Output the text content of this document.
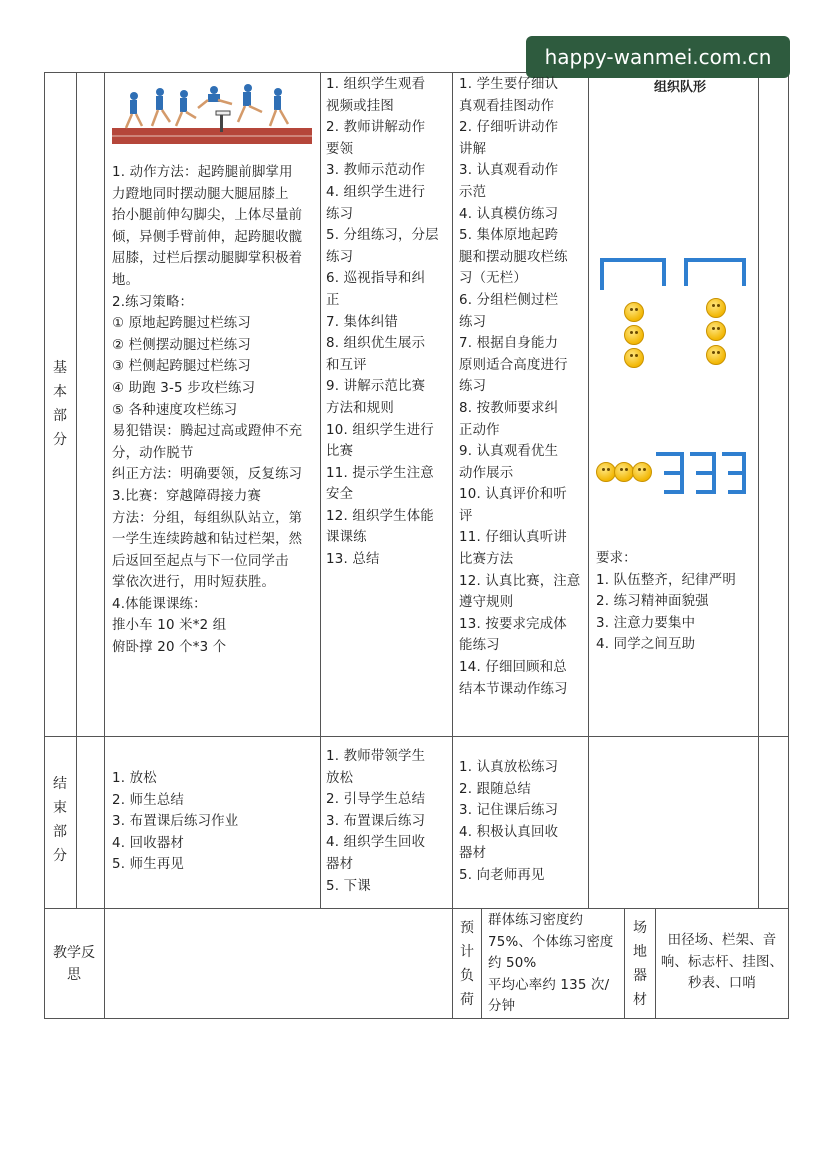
happy-wanmei.com.cn
基本部分
结束部分
教学反思
1. 动作方法：起跨腿前脚掌用
力蹬地同时摆动腿大腿屈膝上
抬小腿前伸勾脚尖，上体尽量前
倾，异侧手臂前伸，起跨腿收髋
屈膝，过栏后摆动腿脚掌积极着
地。
2.练习策略：
① 原地起跨腿过栏练习
② 栏侧摆动腿过栏练习
③ 栏侧起跨腿过栏练习
④ 助跑 3-5 步攻栏练习
⑤ 各种速度攻栏练习
易犯错误：腾起过高或蹬伸不充
分，动作脱节
纠正方法：明确要领，反复练习
3.比赛：穿越障碍接力赛
方法：分组，每组纵队站立，第
一学生连续跨越和钻过栏架，然
后返回至起点与下一位同学击
掌依次进行，用时短获胜。
4.体能课课练：
推小车 10 米*2 组
俯卧撑 20 个*3 个
1. 组织学生观看
视频或挂图
2. 教师讲解动作
要领
3. 教师示范动作
4. 组织学生进行
练习
5. 分组练习，分层
练习
6. 巡视指导和纠
正
7. 集体纠错
8. 组织优生展示
和互评
9. 讲解示范比赛
方法和规则
10. 组织学生进行
比赛
11. 提示学生注意
安全
12. 组织学生体能
课课练
13. 总结
1. 学生要仔细认
真观看挂图动作
2. 仔细听讲动作
讲解
3. 认真观看动作
示范
4. 认真模仿练习
5. 集体原地起跨
腿和摆动腿攻栏练
习（无栏）
6. 分组栏侧过栏
练习
7. 根据自身能力
原则适合高度进行
练习
8. 按教师要求纠
正动作
9. 认真观看优生
动作展示
10. 认真评价和听
评
11. 仔细认真听讲
比赛方法
12. 认真比赛，注意
遵守规则
13. 按要求完成体
能练习
14. 仔细回顾和总
结本节课动作练习
组织队形
要求：
1. 队伍整齐，纪律严明
2. 练习精神面貌强
3. 注意力要集中
4. 同学之间互助
1. 放松
2. 师生总结
3. 布置课后练习作业
4. 回收器材
5. 师生再见
1. 教师带领学生
放松
2. 引导学生总结
3. 布置课后练习
4. 组织学生回收
器材
5. 下课
1. 认真放松练习
2. 跟随总结
3. 记住课后练习
4. 积极认真回收
器材
5. 向老师再见
预计负荷
群体练习密度约
75%、个体练习密度
约 50%
平均心率约 135 次/
分钟
场地器材
田径场、栏架、音
响、标志杆、挂图、
秒表、口哨
